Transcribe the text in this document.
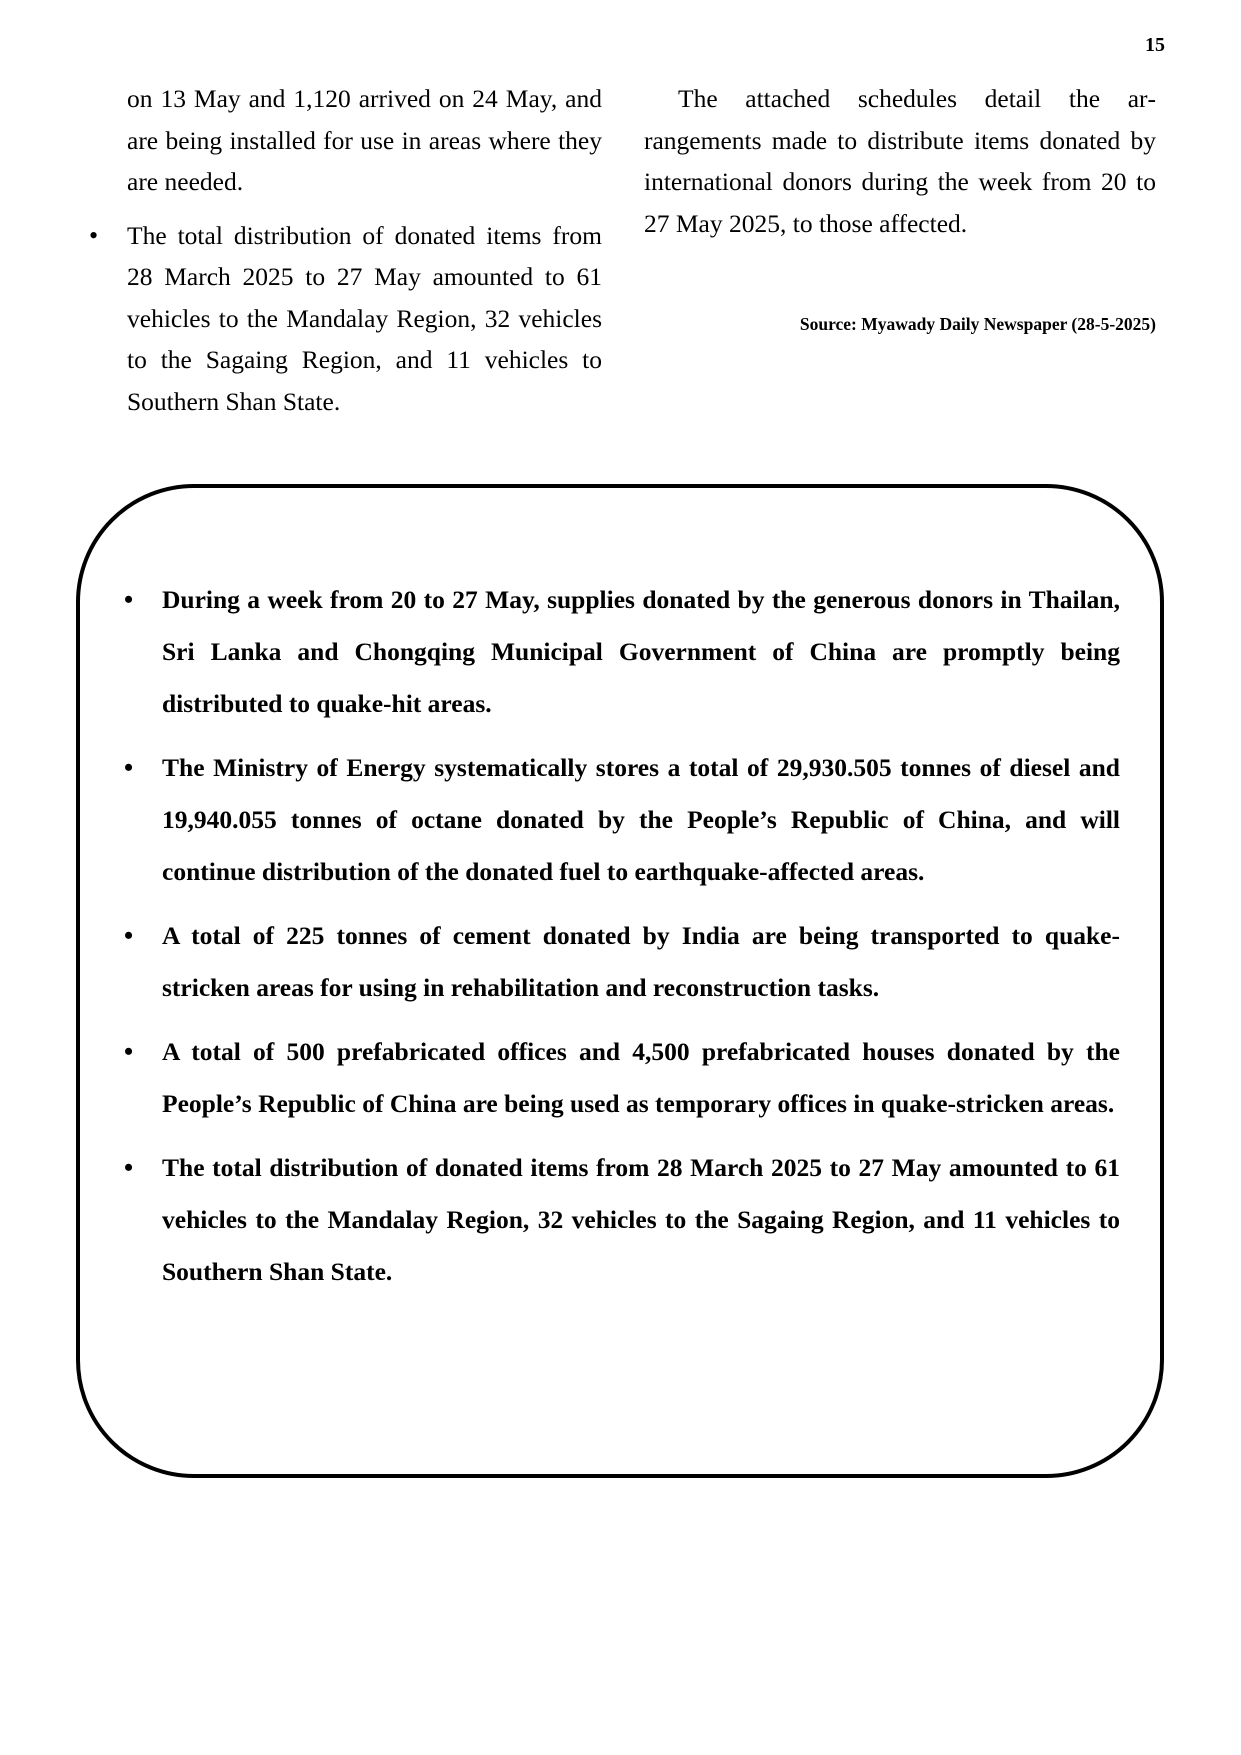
15

on 13 May and 1,120 arrived on 24 May, and are being installed for use in areas where they are needed.

• The total distribution of donated items from 28 March 2025 to 27 May amounted to 61 vehicles to the Mandalay Region, 32 vehicles to the Sagaing Region, and 11 vehicles to Southern Shan State.

The attached schedules detail the arrangements made to distribute items donated by international donors during the week from 20 to 27 May 2025, to those affected.

Source: Myawady Daily Newspaper (28-5-2025)

• During a week from 20 to 27 May, supplies donated by the generous donors in Thailan, Sri Lanka and Chongqing Municipal Government of China are promptly being distributed to quake-hit areas.
• The Ministry of Energy systematically stores a total of 29,930.505 tonnes of diesel and 19,940.055 tonnes of octane donated by the People’s Republic of China, and will continue distribution of the donated fuel to earthquake-affected areas.
• A total of 225 tonnes of cement donated by India are being transported to quake-stricken areas for using in rehabilitation and reconstruction tasks.
• A total of 500 prefabricated offices and 4,500 prefabricated houses donated by the People’s Republic of China are being used as temporary offices in quake-stricken areas.
• The total distribution of donated items from 28 March 2025 to 27 May amounted to 61 vehicles to the Mandalay Region, 32 vehicles to the Sagaing Region, and 11 vehicles to Southern Shan State.
